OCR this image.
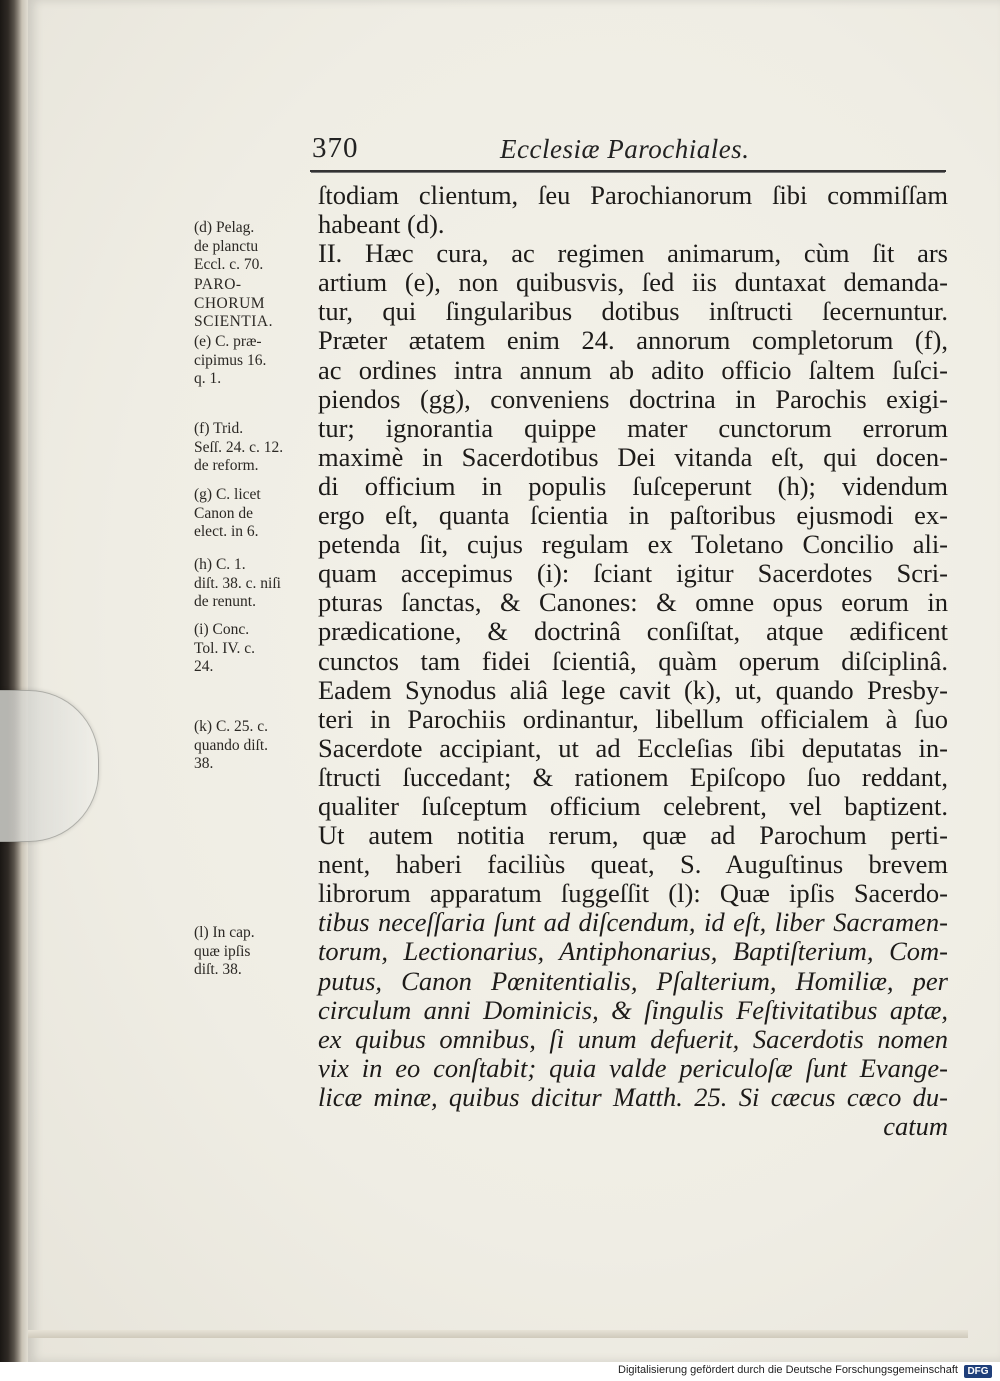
370	Ecclesiæ Parochiales.
ſtodiam clientum, ſeu Parochianorum ſibi commiſſam
habeant (d).
II. Hæc cura, ac regimen animarum, cùm ſit ars
artium (e), non quibusvis, ſed iis duntaxat demanda-
tur, qui ſingularibus dotibus inſtructi ſecernuntur.
Præter ætatem enim 24. annorum completorum (f),
ac ordines intra annum ab adito officio ſaltem ſuſci-
piendos (gg), conveniens doctrina in Parochis exigi-
tur; ignorantia quippe mater cunctorum errorum
maximè in Sacerdotibus Dei vitanda eſt, qui docen-
di officium in populis ſuſceperunt (h); videndum
ergo eſt, quanta ſcientia in paſtoribus ejusmodi ex-
petenda ſit, cujus regulam ex Toletano Concilio ali-
quam accepimus (i): ſciant igitur Sacerdotes Scri-
pturas ſanctas, & Canones: & omne opus eorum in
prædicatione, & doctrinâ conſiſtat, atque ædificent
cunctos tam fidei ſcientiâ, quàm operum diſciplinâ.
Eadem Synodus aliâ lege cavit (k), ut, quando Presby-
teri in Parochiis ordinantur, libellum officialem à ſuo
Sacerdote accipiant, ut ad Eccleſias ſibi deputatas in-
ſtructi ſuccedant; & rationem Epiſcopo ſuo reddant,
qualiter ſuſceptum officium celebrent, vel baptizent.
Ut autem notitia rerum, quæ ad Parochum perti-
nent, haberi faciliùs queat, S. Auguſtinus brevem
librorum apparatum ſuggeſſit (l): Quæ ipſis Sacerdo-
tibus neceſſaria ſunt ad diſcendum, id eſt, liber Sacramen-
torum, Lectionarius, Antiphonarius, Baptiſterium, Com-
putus, Canon Pœnitentialis, Pſalterium, Homiliæ, per
circulum anni Dominicis, & ſingulis Feſtivitatibus aptæ,
ex quibus omnibus, ſi unum defuerit, Sacerdotis nomen
vix in eo conſtabit; quia valde periculoſæ ſunt Evange-
licæ minæ, quibus dicitur Matth. 25. Si cæcus cæco du-
catum
(d) Pelag.
de planctu
Eccl. c. 70.
PARO-
CHORUM
SCIENTIA.
(e) C. præ-
cipimus 16.
q. 1.
(f) Trid.
Seſſ. 24. c. 12.
de reform.
(g) C. licet
Canon de
elect. in 6.
(h) C. 1.
diſt. 38. c. niſi
de renunt.
(i) Conc.
Tol. IV. c.
24.
(k) C. 25. c.
quando diſt.
38.
(l) In cap.
quæ ipſis
diſt. 38.
Digitalisierung gefördert durch die Deutsche Forschungsgemeinschaft DFG
